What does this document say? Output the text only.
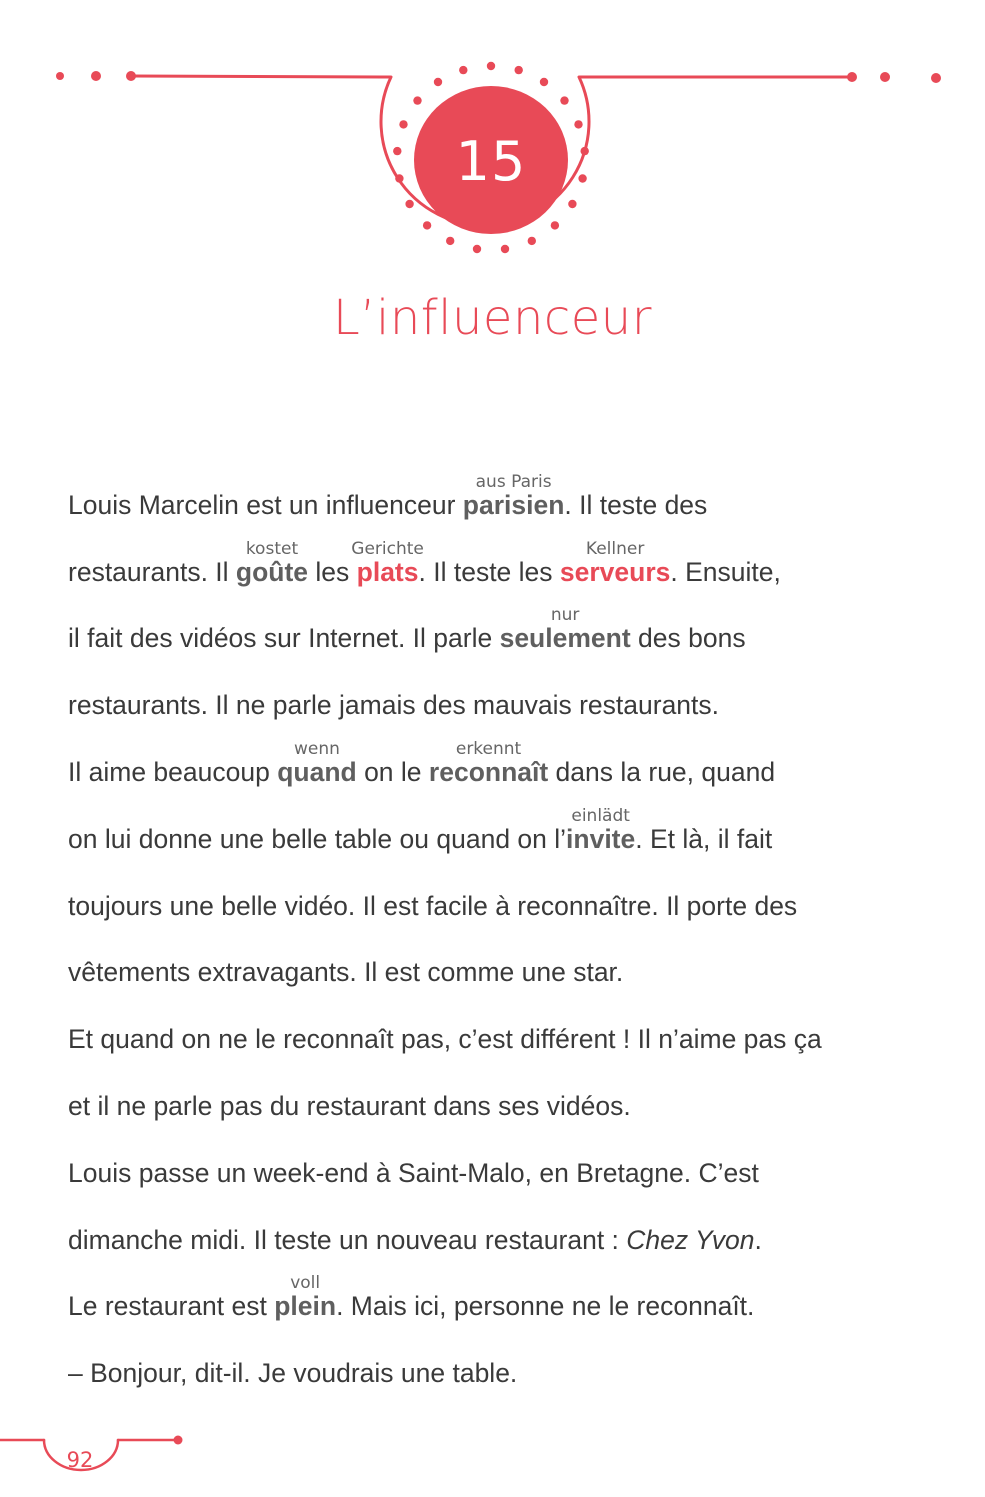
15
L’influenceur
Louis Marcelin est un influenceur
aus Paris
parisien . Il teste des
restaurants. Il
kostet
goûte les
Gerichte
plats . Il teste les
Kellner
serveurs . Ensuite,
il fait des vidéos sur Internet. Il parle
nur
seulement des bons
restaurants. Il ne parle jamais des mauvais restaurants.
Il aime beaucoup
wenn
quand on le
erkennt
reconnaît dans la rue, quand
on lui donne une belle table ou quand on l’
einlädt
invite . Et là, il fait
toujours une belle vidéo. Il est facile à reconnaître. Il porte des
vêtements extravagants. Il est comme une star.
Et quand on ne le reconnaît pas, c’est différent ! Il n’aime pas ça
et il ne parle pas du restaurant dans ses vidéos.
Louis passe un week-end à Saint-Malo, en Bretagne. C’est
dimanche midi. Il teste un nouveau restaurant : Chez Yvon .
Le restaurant est
voll
plein . Mais ici, personne ne le reconnaît.
– Bonjour, dit-il. Je voudrais une table.
92
